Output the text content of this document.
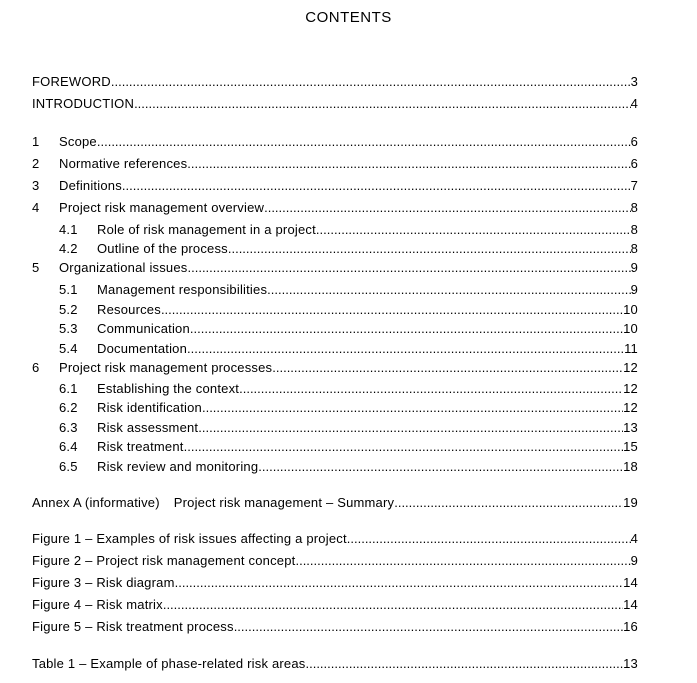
CONTENTS
FOREWORD .....	3
INTRODUCTION .....	4
1 Scope .....	6
2 Normative references .....	6
3 Definitions .....	7
4 Project risk management overview .....	8
4.1 Role of risk management in a project .....	8
4.2 Outline of the process .....	8
5 Organizational issues .....	9
5.1 Management responsibilities .....	9
5.2 Resources .....	10
5.3 Communication .....	10
5.4 Documentation .....	11
6 Project risk management processes .....	12
6.1 Establishing the context .....	12
6.2 Risk identification .....	12
6.3 Risk assessment .....	13
6.4 Risk treatment .....	15
6.5 Risk review and monitoring .....	18
Annex A (informative) Project risk management – Summary .....	19
Figure 1 – Examples of risk issues affecting a project .....	4
Figure 2 – Project risk management concept .....	9
Figure 3 – Risk diagram .....	14
Figure 4 – Risk matrix .....	14
Figure 5 – Risk treatment process .....	16
Table 1 – Example of phase-related risk areas .....	13
